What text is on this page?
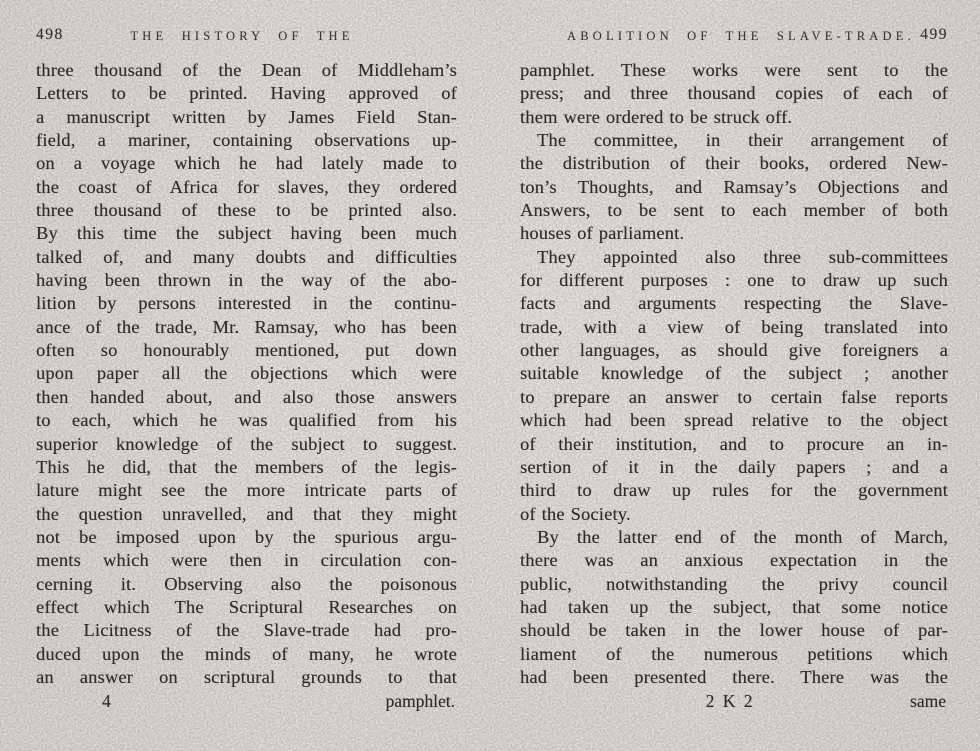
498	THE HISTORY OF THE
three thousand of the Dean of Middleham’s
Letters to be printed. Having approved of
a manuscript written by James Field Stan-
field, a mariner, containing observations up-
on a voyage which he had lately made to
the coast of Africa for slaves, they ordered
three thousand of these to be printed also.
By this time the subject having been much
talked of, and many doubts and difficulties
having been thrown in the way of the abo-
lition by persons interested in the continu-
ance of the trade, Mr. Ramsay, who has been
often so honourably mentioned, put down
upon paper all the objections which were
then handed about, and also those answers
to each, which he was qualified from his
superior knowledge of the subject to suggest.
This he did, that the members of the legis-
lature might see the more intricate parts of
the question unravelled, and that they might
not be imposed upon by the spurious argu-
ments which were then in circulation con-
cerning it. Observing also the poisonous
effect which The Scriptural Researches on
the Licitness of the Slave-trade had pro-
duced upon the minds of many, he wrote
an answer on scriptural grounds to that
4	pamphlet.
ABOLITION OF THE SLAVE-TRADE. 499
pamphlet. These works were sent to the
press; and three thousand copies of each of
them were ordered to be struck off.
The committee, in their arrangement of
the distribution of their books, ordered New-
ton’s Thoughts, and Ramsay’s Objections and
Answers, to be sent to each member of both
houses of parliament.
They appointed also three sub-committees
for different purposes : one to draw up such
facts and arguments respecting the Slave-
trade, with a view of being translated into
other languages, as should give foreigners a
suitable knowledge of the subject ; another
to prepare an answer to certain false reports
which had been spread relative to the object
of their institution, and to procure an in-
sertion of it in the daily papers ; and a
third to draw up rules for the government
of the Society.
By the latter end of the month of March,
there was an anxious expectation in the
public, notwithstanding the privy council
had taken up the subject, that some notice
should be taken in the lower house of par-
liament of the numerous petitions which
had been presented there. There was the
2 K 2	same
